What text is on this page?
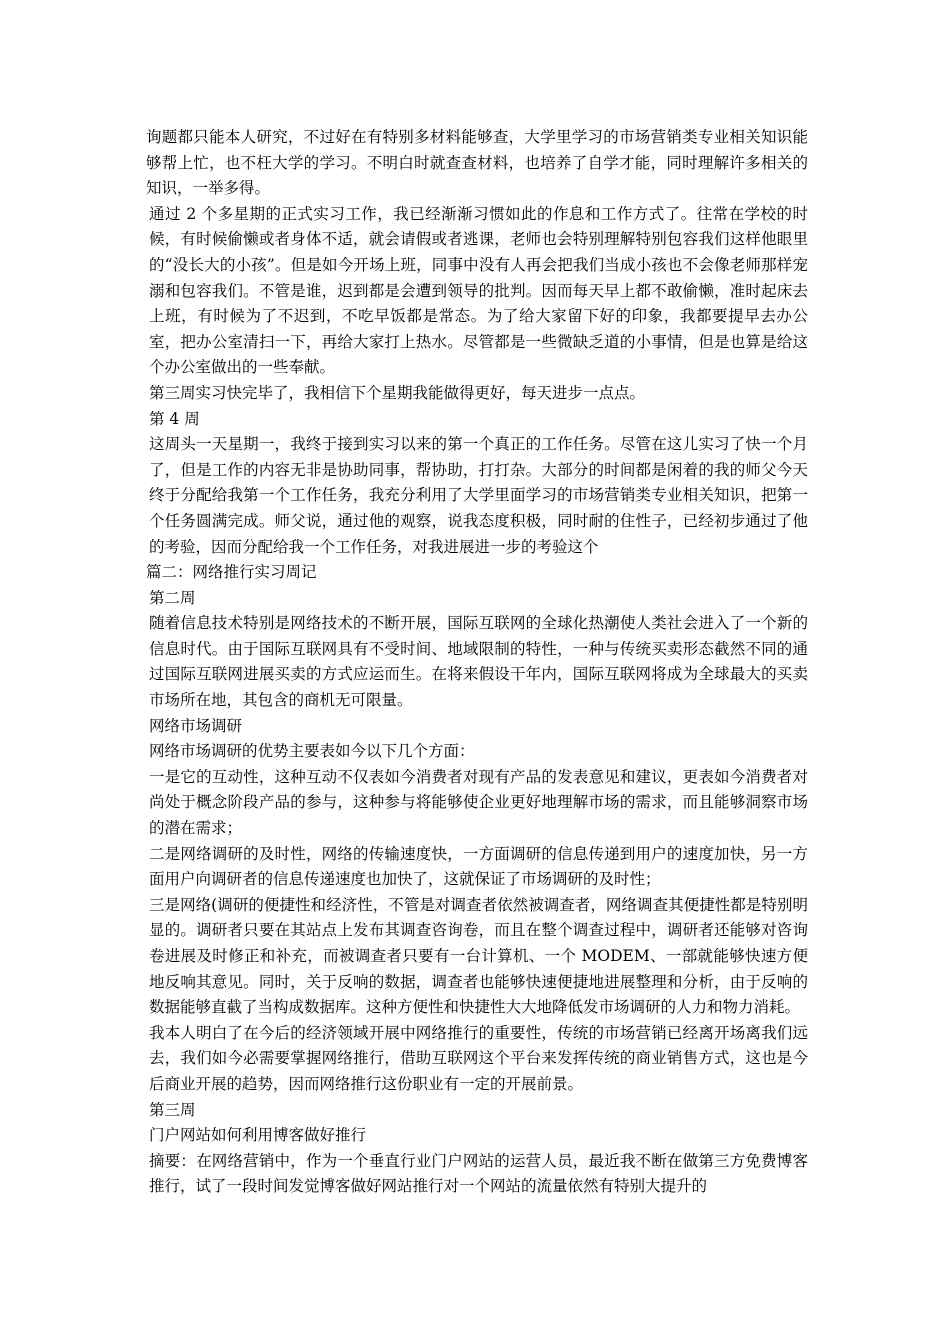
询题都只能本人研究，不过好在有特别多材料能够查，大学里学习的市场营销类专业相关知识能够帮上忙，也不枉大学的学习。不明白时就查查材料，也培养了自学才能，同时理解许多相关的知识，一举多得。

通过 2 个多星期的正式实习工作，我已经渐渐习惯如此的作息和工作方式了。往常在学校的时候，有时候偷懒或者身体不适，就会请假或者逃课，老师也会特别理解特别包容我们这样他眼里的“没长大的小孩”。但是如今开场上班，同事中没有人再会把我们当成小孩也不会像老师那样宠溺和包容我们。不管是谁，迟到都是会遭到领导的批判。因而每天早上都不敢偷懒，准时起床去上班，有时候为了不迟到，不吃早饭都是常态。为了给大家留下好的印象，我都要提早去办公室，把办公室清扫一下，再给大家打上热水。尽管都是一些微缺乏道的小事情，但是也算是给这个办公室做出的一些奉献。

第三周实习快完毕了，我相信下个星期我能做得更好，每天进步一点点。

第 4 周

这周头一天星期一，我终于接到实习以来的第一个真正的工作任务。尽管在这儿实习了快一个月了，但是工作的内容无非是协助同事，帮协助，打打杂。大部分的时间都是闲着的我的师父今天终于分配给我第一个工作任务，我充分利用了大学里面学习的市场营销类专业相关知识，把第一个任务圆满完成。师父说，通过他的观察，说我态度积极，同时耐的住性子，已经初步通过了他的考验，因而分配给我一个工作任务，对我进展进一步的考验这个

篇二：网络推行实习周记

第二周

随着信息技术特别是网络技术的不断开展，国际互联网的全球化热潮使人类社会进入了一个新的信息时代。由于国际互联网具有不受时间、地域限制的特性，一种与传统买卖形态截然不同的通过国际互联网进展买卖的方式应运而生。在将来假设干年内，国际互联网将成为全球最大的买卖市场所在地，其包含的商机无可限量。

网络市场调研

网络市场调研的优势主要表如今以下几个方面：

一是它的互动性，这种互动不仅表如今消费者对现有产品的发表意见和建议，更表如今消费者对尚处于概念阶段产品的参与，这种参与将能够使企业更好地理解市场的需求，而且能够洞察市场的潜在需求；

二是网络调研的及时性，网络的传输速度快，一方面调研的信息传递到用户的速度加快，另一方面用户向调研者的信息传递速度也加快了，这就保证了市场调研的及时性；

三是网络(调研的便捷性和经济性，不管是对调查者依然被调查者，网络调查其便捷性都是特别明显的。调研者只要在其站点上发布其调查咨询卷，而且在整个调查过程中，调研者还能够对咨询卷进展及时修正和补充，而被调查者只要有一台计算机、一个 MODEM、一部就能够快速方便地反响其意见。同时，关于反响的数据，调查者也能够快速便捷地进展整理和分析，由于反响的数据能够直截了当构成数据库。这种方便性和快捷性大大地降低发市场调研的人力和物力消耗。

我本人明白了在今后的经济领域开展中网络推行的重要性，传统的市场营销已经离开场离我们远去，我们如今必需要掌握网络推行，借助互联网这个平台来发挥传统的商业销售方式，这也是今后商业开展的趋势，因而网络推行这份职业有一定的开展前景。

第三周

门户网站如何利用博客做好推行

摘要：在网络营销中，作为一个垂直行业门户网站的运营人员，最近我不断在做第三方免费博客推行，试了一段时间发觉博客做好网站推行对一个网站的流量依然有特别大提升的
